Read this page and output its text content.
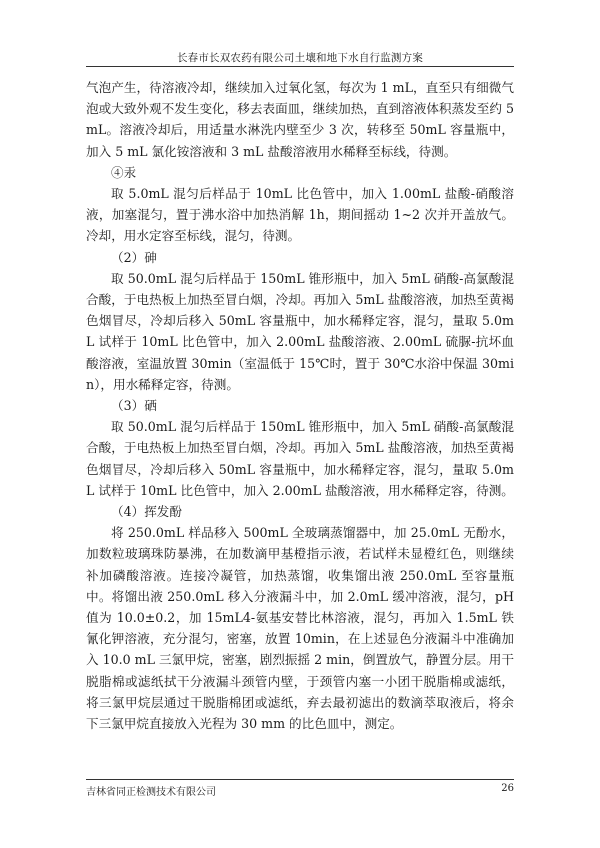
长春市长双农药有限公司土壤和地下水自行监测方案

气泡产生，待溶液冷却，继续加入过氧化氢，每次为 1 mL，直至只有细微气泡或大致外观不发生变化，移去表面皿，继续加热，直到溶液体积蒸发至约 5mL。溶液冷却后，用适量水淋洗内壁至少 3 次，转移至 50mL 容量瓶中，加入 5 mL 氯化铵溶液和 3 mL 盐酸溶液用水稀释至标线，待测。

④汞

取 5.0mL 混匀后样品于 10mL 比色管中，加入 1.00mL 盐酸-硝酸溶液，加塞混匀，置于沸水浴中加热消解 1h，期间摇动 1~2 次并开盖放气。冷却，用水定容至标线，混匀，待测。

（2）砷

取 50.0mL 混匀后样品于 150mL 锥形瓶中，加入 5mL 硝酸-高氯酸混合酸，于电热板上加热至冒白烟，冷却。再加入 5mL 盐酸溶液，加热至黄褐色烟冒尽，冷却后移入 50mL 容量瓶中，加水稀释定容，混匀，量取 5.0mL 试样于 10mL 比色管中，加入 2.00mL 盐酸溶液、2.00mL 硫脲-抗坏血酸溶液，室温放置 30min（室温低于 15℃时，置于 30℃水浴中保温 30min），用水稀释定容，待测。

（3）硒

取 50.0mL 混匀后样品于 150mL 锥形瓶中，加入 5mL 硝酸-高氯酸混合酸，于电热板上加热至冒白烟，冷却。再加入 5mL 盐酸溶液，加热至黄褐色烟冒尽，冷却后移入 50mL 容量瓶中，加水稀释定容，混匀，量取 5.0mL 试样于 10mL 比色管中，加入 2.00mL 盐酸溶液，用水稀释定容，待测。

（4）挥发酚

将 250.0mL 样品移入 500mL 全玻璃蒸馏器中，加 25.0mL 无酚水，加数粒玻璃珠防暴沸，在加数滴甲基橙指示液，若试样未显橙红色，则继续补加磷酸溶液。连接冷凝管，加热蒸馏，收集馏出液 250.0mL 至容量瓶中。将馏出液 250.0mL 移入分液漏斗中，加 2.0mL 缓冲溶液，混匀，pH 值为 10.0±0.2，加 15mL4-氨基安替比林溶液，混匀，再加入 1.5mL 铁氰化钾溶液，充分混匀，密塞，放置 10min，在上述显色分液漏斗中准确加入 10.0 mL 三氯甲烷，密塞，剧烈振摇 2 min，倒置放气，静置分层。用干脱脂棉或滤纸拭干分液漏斗颈管内壁，于颈管内塞一小团干脱脂棉或滤纸，将三氯甲烷层通过干脱脂棉团或滤纸，弃去最初滤出的数滴萃取液后，将余下三氯甲烷直接放入光程为 30 mm 的比色皿中，测定。

吉林省同正检测技术有限公司	26
